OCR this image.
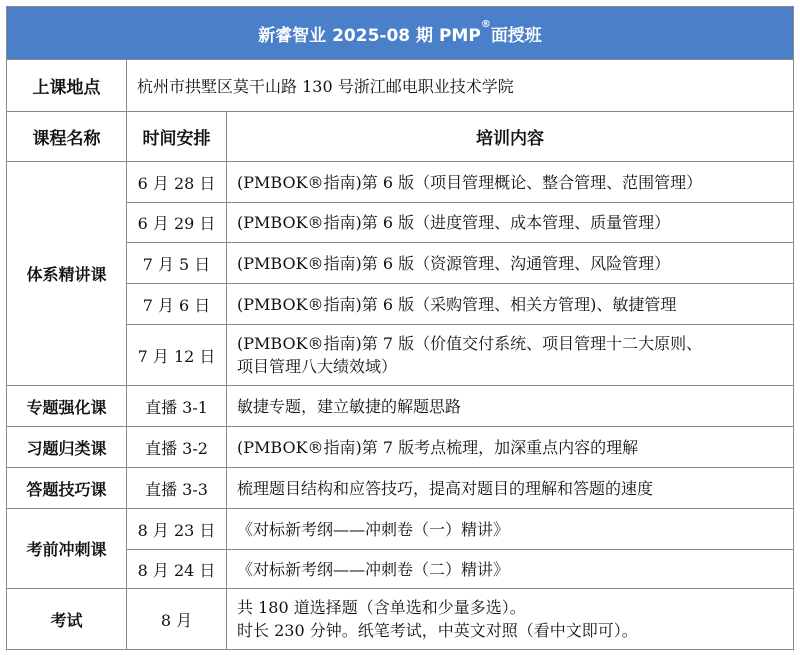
新睿智业 2025-08 期 PMP®面授班		
上课地点	杭州市拱墅区莫干山路 130 号浙江邮电职业技术学院	
课程名称	时间安排	培训内容
体系精讲课	6 月 28 日	(PMBOK®指南)第 6 版（项目管理概论、整合管理、范围管理）
	6 月 29 日	(PMBOK®指南)第 6 版（进度管理、成本管理、质量管理）
	7 月 5 日	(PMBOK®指南)第 6 版（资源管理、沟通管理、风险管理）
	7 月 6 日	(PMBOK®指南)第 6 版（采购管理、相关方管理)、敏捷管理
	7 月 12 日	(PMBOK®指南)第 7 版（价值交付系统、项目管理十二大原则、
项目管理八大绩效域）
专题强化课	直播 3-1	敏捷专题，建立敏捷的解题思路
习题归类课	直播 3-2	(PMBOK®指南)第 7 版考点梳理，加深重点内容的理解
答题技巧课	直播 3-3	梳理题目结构和应答技巧，提高对题目的理解和答题的速度
考前冲刺课	8 月 23 日	《对标新考纲——冲刺卷（一）精讲》
	8 月 24 日	《对标新考纲——冲刺卷（二）精讲》
考试	8 月	共 180 道选择题（含单选和少量多选）。
时长 230 分钟。纸笔考试，中英文对照（看中文即可）。
